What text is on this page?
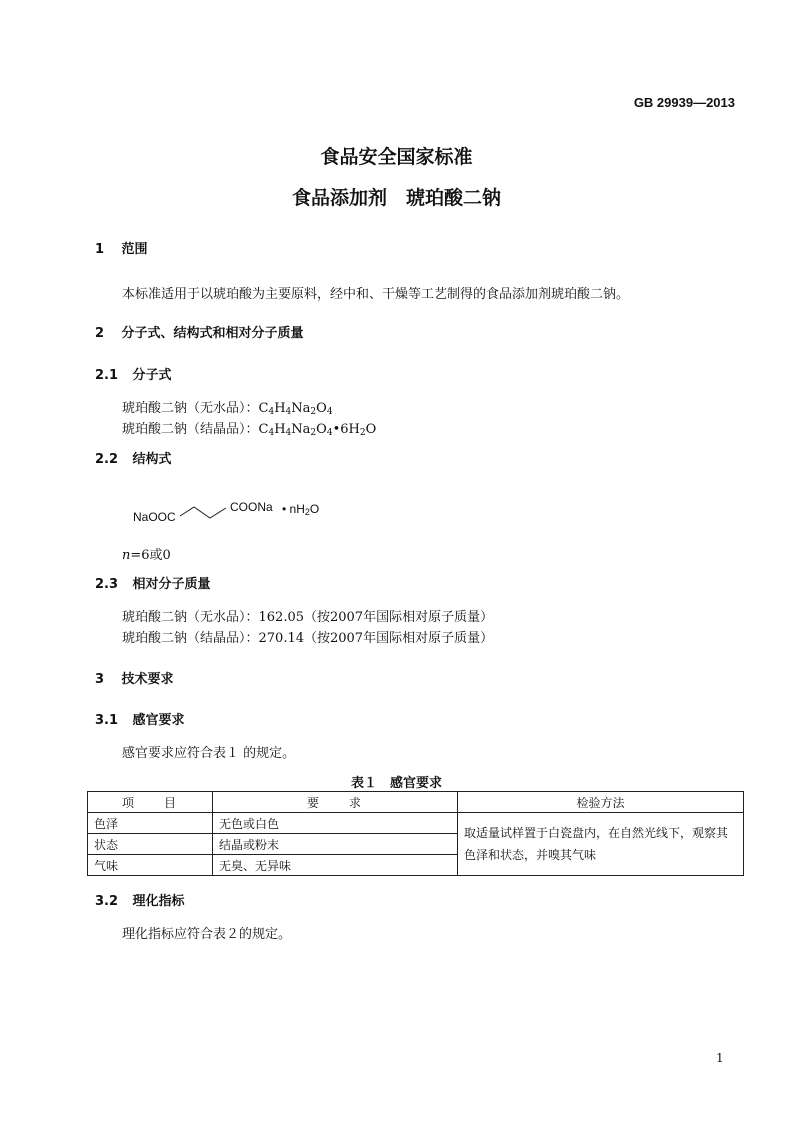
GB 29939—2013
食品安全国家标准
食品添加剂　琥珀酸二钠
1 范围
本标准适用于以琥珀酸为主要原料，经中和、干燥等工艺制得的食品添加剂琥珀酸二钠。
2 分子式、结构式和相对分子质量
2.1 分子式
琥珀酸二钠（无水品）：$C_4H_4Na_2O_4$
琥珀酸二钠（结晶品）：$C_4H_4Na_2O_4•6H_2O$
2.2 结构式
NaOOC
COONa • $nH_2O$
n=6或0
2.3 相对分子质量
琥珀酸二钠（无水品）：162.05（按2007年国际相对原子质量）
琥珀酸二钠（结晶品）：270.14（按2007年国际相对原子质量）
3 技术要求
3.1 感官要求
感官要求应符合表１ 的规定。
表１　感官要求
项　　目	要　　求	检验方法
色泽	无色或白色	取适量试样置于白瓷盘内，在自然光线下，观察其色泽和状态，并嗅其气味
状态	结晶或粉末	
气味	无臭、无异味	
3.2 理化指标
理化指标应符合表２的规定。
1
